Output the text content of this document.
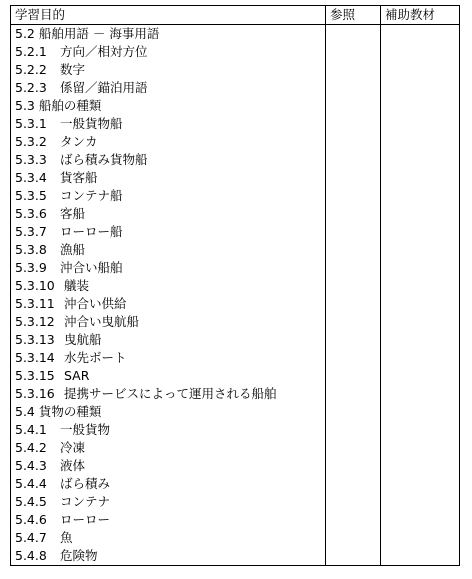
学習目的	参照	補助教材
5.2 船舶用語 － 海事用語
5.2.1 方向／相対方位
5.2.2 数字
5.2.3 係留／錨泊用語
5.3 船舶の種類
5.3.1 一般貨物船
5.3.2 タンカ
5.3.3 ばら積み貨物船
5.3.4 貨客船
5.3.5 コンテナ船
5.3.6 客船
5.3.7 ローロー船
5.3.8 漁船
5.3.9 沖合い船舶
5.3.10 艤装
5.3.11 沖合い供給
5.3.12 沖合い曳航船
5.3.13 曳航船
5.3.14 水先ボート
5.3.15 SAR
5.3.16 提携サービスによって運用される船舶
5.4 貨物の種類
5.4.1 一般貨物
5.4.2 冷凍
5.4.3 液体
5.4.4 ばら積み
5.4.5 コンテナ
5.4.6 ローロー
5.4.7 魚
5.4.8 危険物
